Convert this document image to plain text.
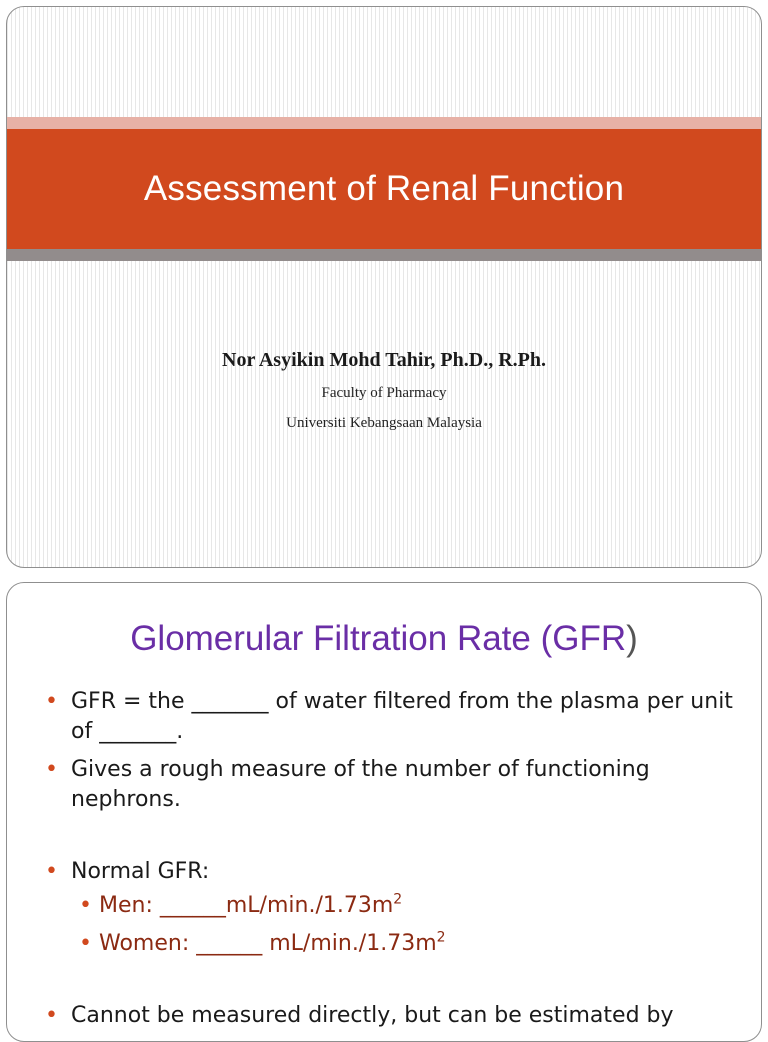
Assessment of Renal Function
Nor Asyikin Mohd Tahir, Ph.D., R.Ph.
Faculty of Pharmacy
Universiti Kebangsaan Malaysia
Glomerular Filtration Rate (GFR)
• GFR = the _______ of water filtered from the plasma per unit of _______.
• Gives a rough measure of the number of functioning nephrons.
• Normal GFR:
• Men: $\_\_\_\_\_\_mL/\min./1.73m^2$
• Women: ______ $mL/\min./1.73m^2$
• Cannot be measured directly, but can be estimated by
